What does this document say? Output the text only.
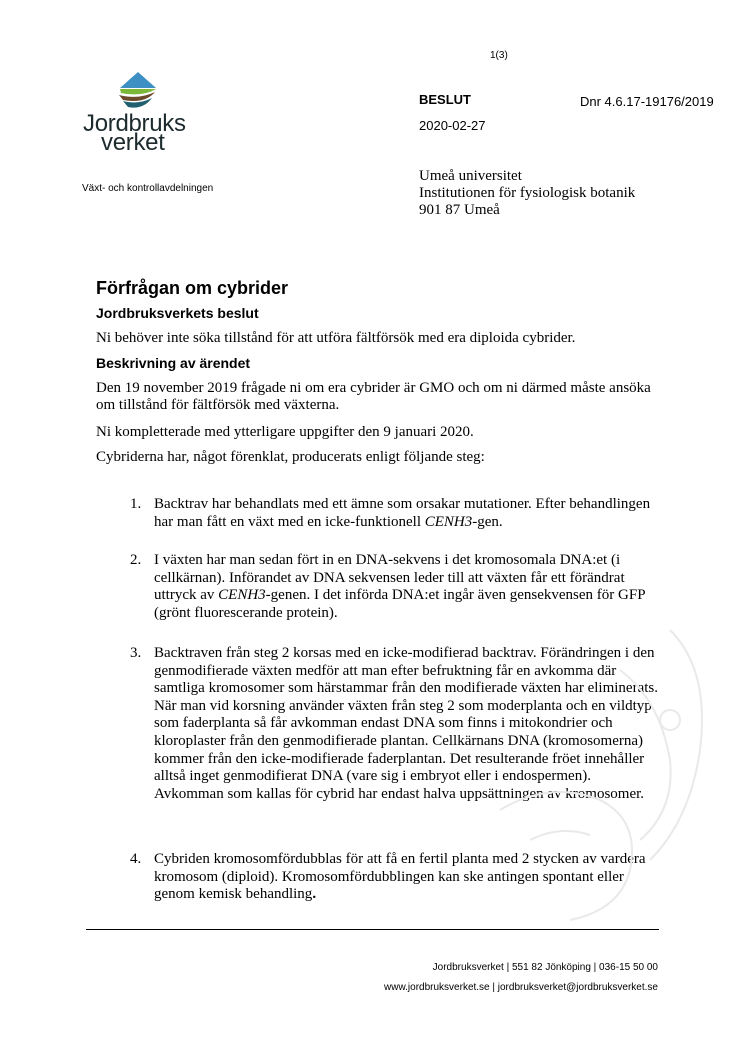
1(3)
Jordbruks
verket
Växt- och kontrollavdelningen
BESLUT
2020-02-27
Dnr 4.6.17-19176/2019
Umeå universitet
Institutionen för fysiologisk botanik
901 87 Umeå
Förfrågan om cybrider
Jordbruksverkets beslut
Ni behöver inte söka tillstånd för att utföra fältförsök med era diploida cybrider.
Beskrivning av ärendet
Den 19 november 2019 frågade ni om era cybrider är GMO och om ni därmed måste ansöka
om tillstånd för fältförsök med växterna.
Ni kompletterade med ytterligare uppgifter den 9 januari 2020.
Cybriderna har, något förenklat, producerats enligt följande steg:
1. Backtrav har behandlats med ett ämne som orsakar mutationer. Efter behandlingen har man fått en växt med en icke-funktionell CENH3-gen.
2. I växten har man sedan fört in en DNA-sekvens i det kromosomala DNA:et (i cellkärnan). Införandet av DNA sekvensen leder till att växten får ett förändrat uttryck av CENH3-genen. I det införda DNA:et ingår även gensekvensen för GFP (grönt fluorescerande protein).
3. Backtraven från steg 2 korsas med en icke-modifierad backtrav. Förändringen i den genmodifierade växten medför att man efter befruktning får en avkomma där samtliga kromosomer som härstammar från den modifierade växten har eliminerats. När man vid korsning använder växten från steg 2 som moderplanta och en vildtyp som faderplanta så får avkomman endast DNA som finns i mitokondrier och kloroplaster från den genmodifierade plantan. Cellkärnans DNA (kromosomerna) kommer från den icke-modifierade faderplantan. Det resulterande fröet innehåller alltså inget genmodifierat DNA (vare sig i embryot eller i endospermen). Avkomman som kallas för cybrid har endast halva uppsättningen av kromosomer.
4. Cybriden kromosomfördubblas för att få en fertil planta med 2 stycken av vardera kromosom (diploid). Kromosomfördubblingen kan ske antingen spontant eller genom kemisk behandling.
Jordbruksverket | 551 82 Jönköping | 036-15 50 00
www.jordbruksverket.se | jordbruksverket@jordbruksverket.se
